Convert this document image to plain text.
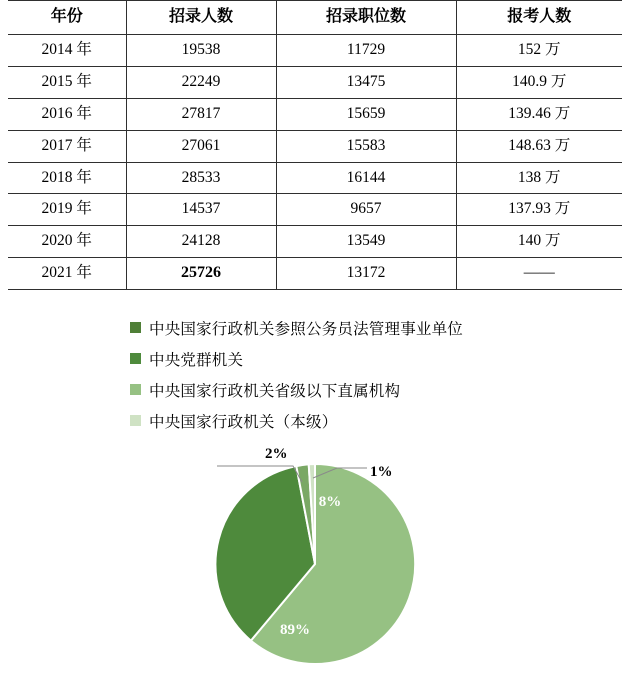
年份	招录人数	招录职位数	报考人数
2014 年	19538	11729	152 万
2015 年	22249	13475	140.9 万
2016 年	27817	15659	139.46 万
2017 年	27061	15583	148.63 万
2018 年	28533	16144	138 万
2019 年	14537	9657	137.93 万
2020 年	24128	13549	140 万
2021 年	25726	13172	——
中央国家行政机关参照公务员法管理事业单位
中央党群机关
中央国家行政机关省级以下直属机构
中央国家行政机关（本级）
2%
1%
8%
89%
